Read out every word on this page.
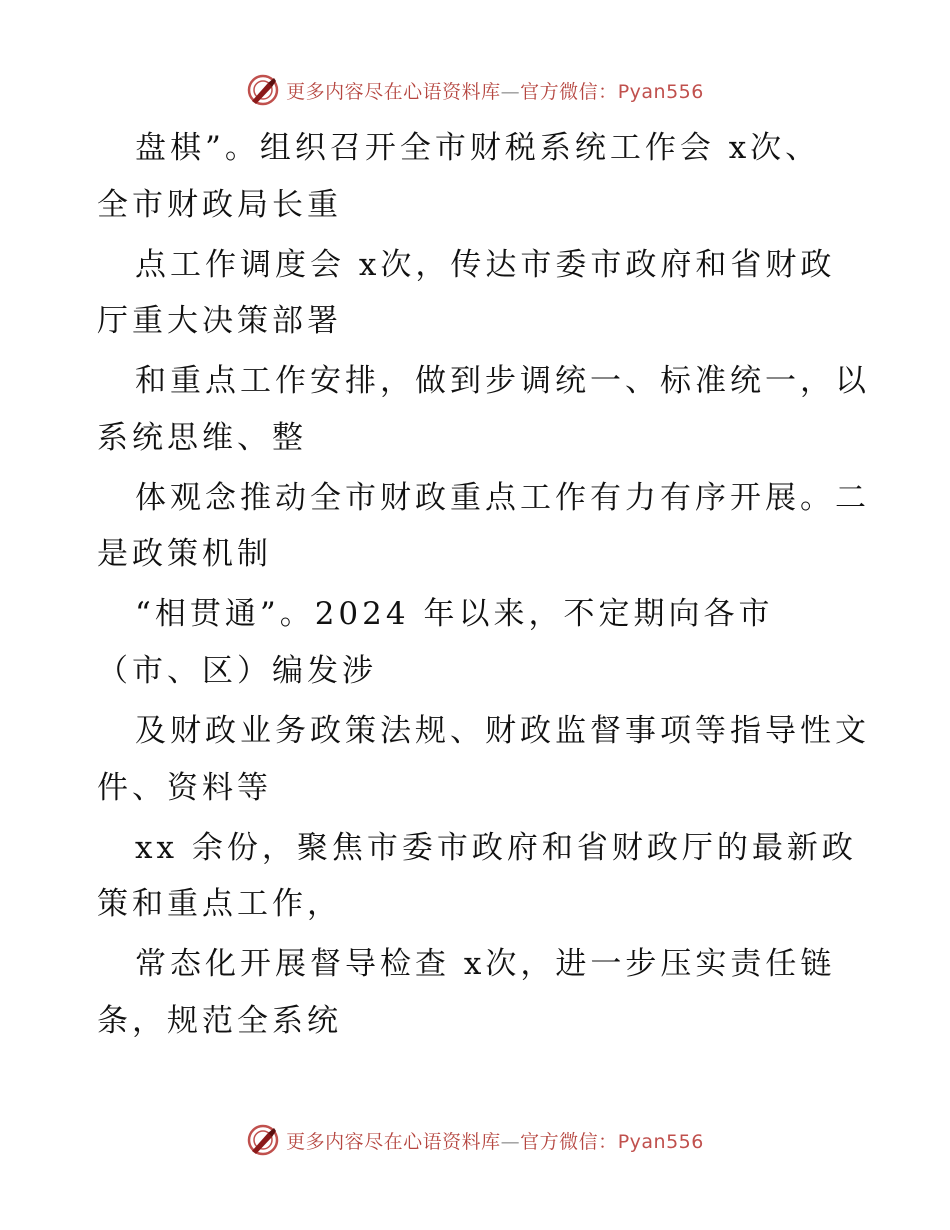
更多内容尽在心语资料库—官方微信：Pyan556
盘棋”。组织召开全市财税系统工作会 x次、
全市财政局长重
点工作调度会 x次，传达市委市政府和省财政
厅重大决策部署
和重点工作安排，做到步调统一、标准统一，以
系统思维、整
体观念推动全市财政重点工作有力有序开展。二
是政策机制
“相贯通”。2024 年以来，不定期向各市
（市、区）编发涉
及财政业务政策法规、财政监督事项等指导性文
件、资料等
xx 余份，聚焦市委市政府和省财政厅的最新政
策和重点工作，
常态化开展督导检查 x次，进一步压实责任链
条，规范全系统
更多内容尽在心语资料库—官方微信：Pyan556
